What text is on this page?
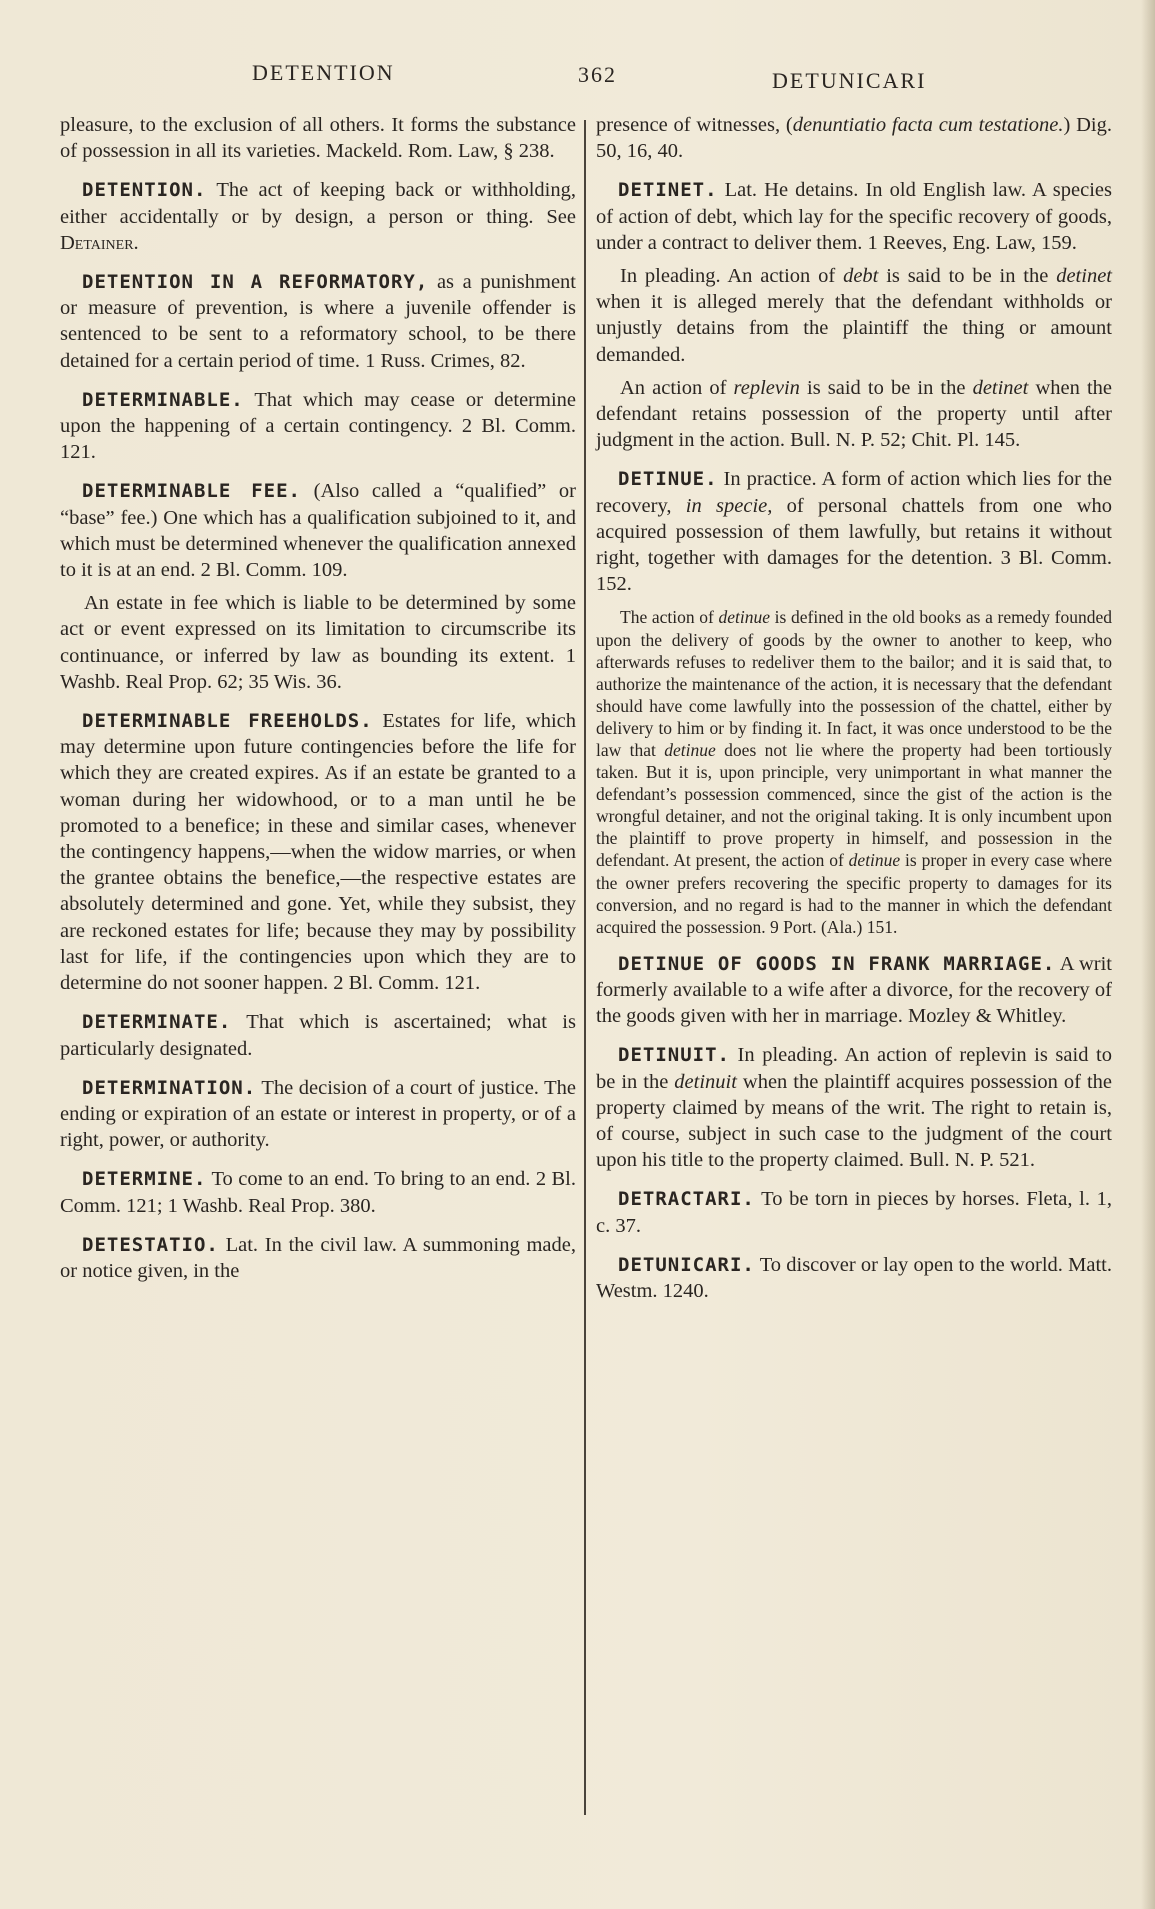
DETENTION	362	DETUNICARI

pleasure, to the exclusion of all others. It forms the substance of possession in all its varieties. Mackeld. Rom. Law, § 238.

DETENTION. The act of keeping back or withholding, either accidentally or by design, a person or thing. See Detainer.

DETENTION IN A REFORMATORY, as a punishment or measure of prevention, is where a juvenile offender is sentenced to be sent to a reformatory school, to be there detained for a certain period of time. 1 Russ. Crimes, 82.

DETERMINABLE. That which may cease or determine upon the happening of a certain contingency. 2 Bl. Comm. 121.

DETERMINABLE FEE. (Also called a “qualified” or “base” fee.) One which has a qualification subjoined to it, and which must be determined whenever the qualification annexed to it is at an end. 2 Bl. Comm. 109.

An estate in fee which is liable to be determined by some act or event expressed on its limitation to circumscribe its continuance, or inferred by law as bounding its extent. 1 Washb. Real Prop. 62; 35 Wis. 36.

DETERMINABLE FREEHOLDS. Estates for life, which may determine upon future contingencies before the life for which they are created expires. As if an estate be granted to a woman during her widowhood, or to a man until he be promoted to a benefice; in these and similar cases, whenever the contingency happens,—when the widow marries, or when the grantee obtains the benefice,—the respective estates are absolutely determined and gone. Yet, while they subsist, they are reckoned estates for life; because they may by possibility last for life, if the contingencies upon which they are to determine do not sooner happen. 2 Bl. Comm. 121.

DETERMINATE. That which is ascertained; what is particularly designated.

DETERMINATION. The decision of a court of justice. The ending or expiration of an estate or interest in property, or of a right, power, or authority.

DETERMINE. To come to an end. To bring to an end. 2 Bl. Comm. 121; 1 Washb. Real Prop. 380.

DETESTATIO. Lat. In the civil law. A summoning made, or notice given, in the

presence of witnesses, (denuntiatio facta cum testatione.) Dig. 50, 16, 40.

DETINET. Lat. He detains. In old English law. A species of action of debt, which lay for the specific recovery of goods, under a contract to deliver them. 1 Reeves, Eng. Law, 159.

In pleading. An action of debt is said to be in the detinet when it is alleged merely that the defendant withholds or unjustly detains from the plaintiff the thing or amount demanded.

An action of replevin is said to be in the detinet when the defendant retains possession of the property until after judgment in the action. Bull. N. P. 52; Chit. Pl. 145.

DETINUE. In practice. A form of action which lies for the recovery, in specie, of personal chattels from one who acquired possession of them lawfully, but retains it without right, together with damages for the detention. 3 Bl. Comm. 152.

The action of detinue is defined in the old books as a remedy founded upon the delivery of goods by the owner to another to keep, who afterwards refuses to redeliver them to the bailor; and it is said that, to authorize the maintenance of the action, it is necessary that the defendant should have come lawfully into the possession of the chattel, either by delivery to him or by finding it. In fact, it was once understood to be the law that detinue does not lie where the property had been tortiously taken. But it is, upon principle, very unimportant in what manner the defendant’s possession commenced, since the gist of the action is the wrongful detainer, and not the original taking. It is only incumbent upon the plaintiff to prove property in himself, and possession in the defendant. At present, the action of detinue is proper in every case where the owner prefers recovering the specific property to damages for its conversion, and no regard is had to the manner in which the defendant acquired the possession. 9 Port. (Ala.) 151.

DETINUE OF GOODS IN FRANK MARRIAGE. A writ formerly available to a wife after a divorce, for the recovery of the goods given with her in marriage. Mozley & Whitley.

DETINUIT. In pleading. An action of replevin is said to be in the detinuit when the plaintiff acquires possession of the property claimed by means of the writ. The right to retain is, of course, subject in such case to the judgment of the court upon his title to the property claimed. Bull. N. P. 521.

DETRACTARI. To be torn in pieces by horses. Fleta, l. 1, c. 37.

DETUNICARI. To discover or lay open to the world. Matt. Westm. 1240.
